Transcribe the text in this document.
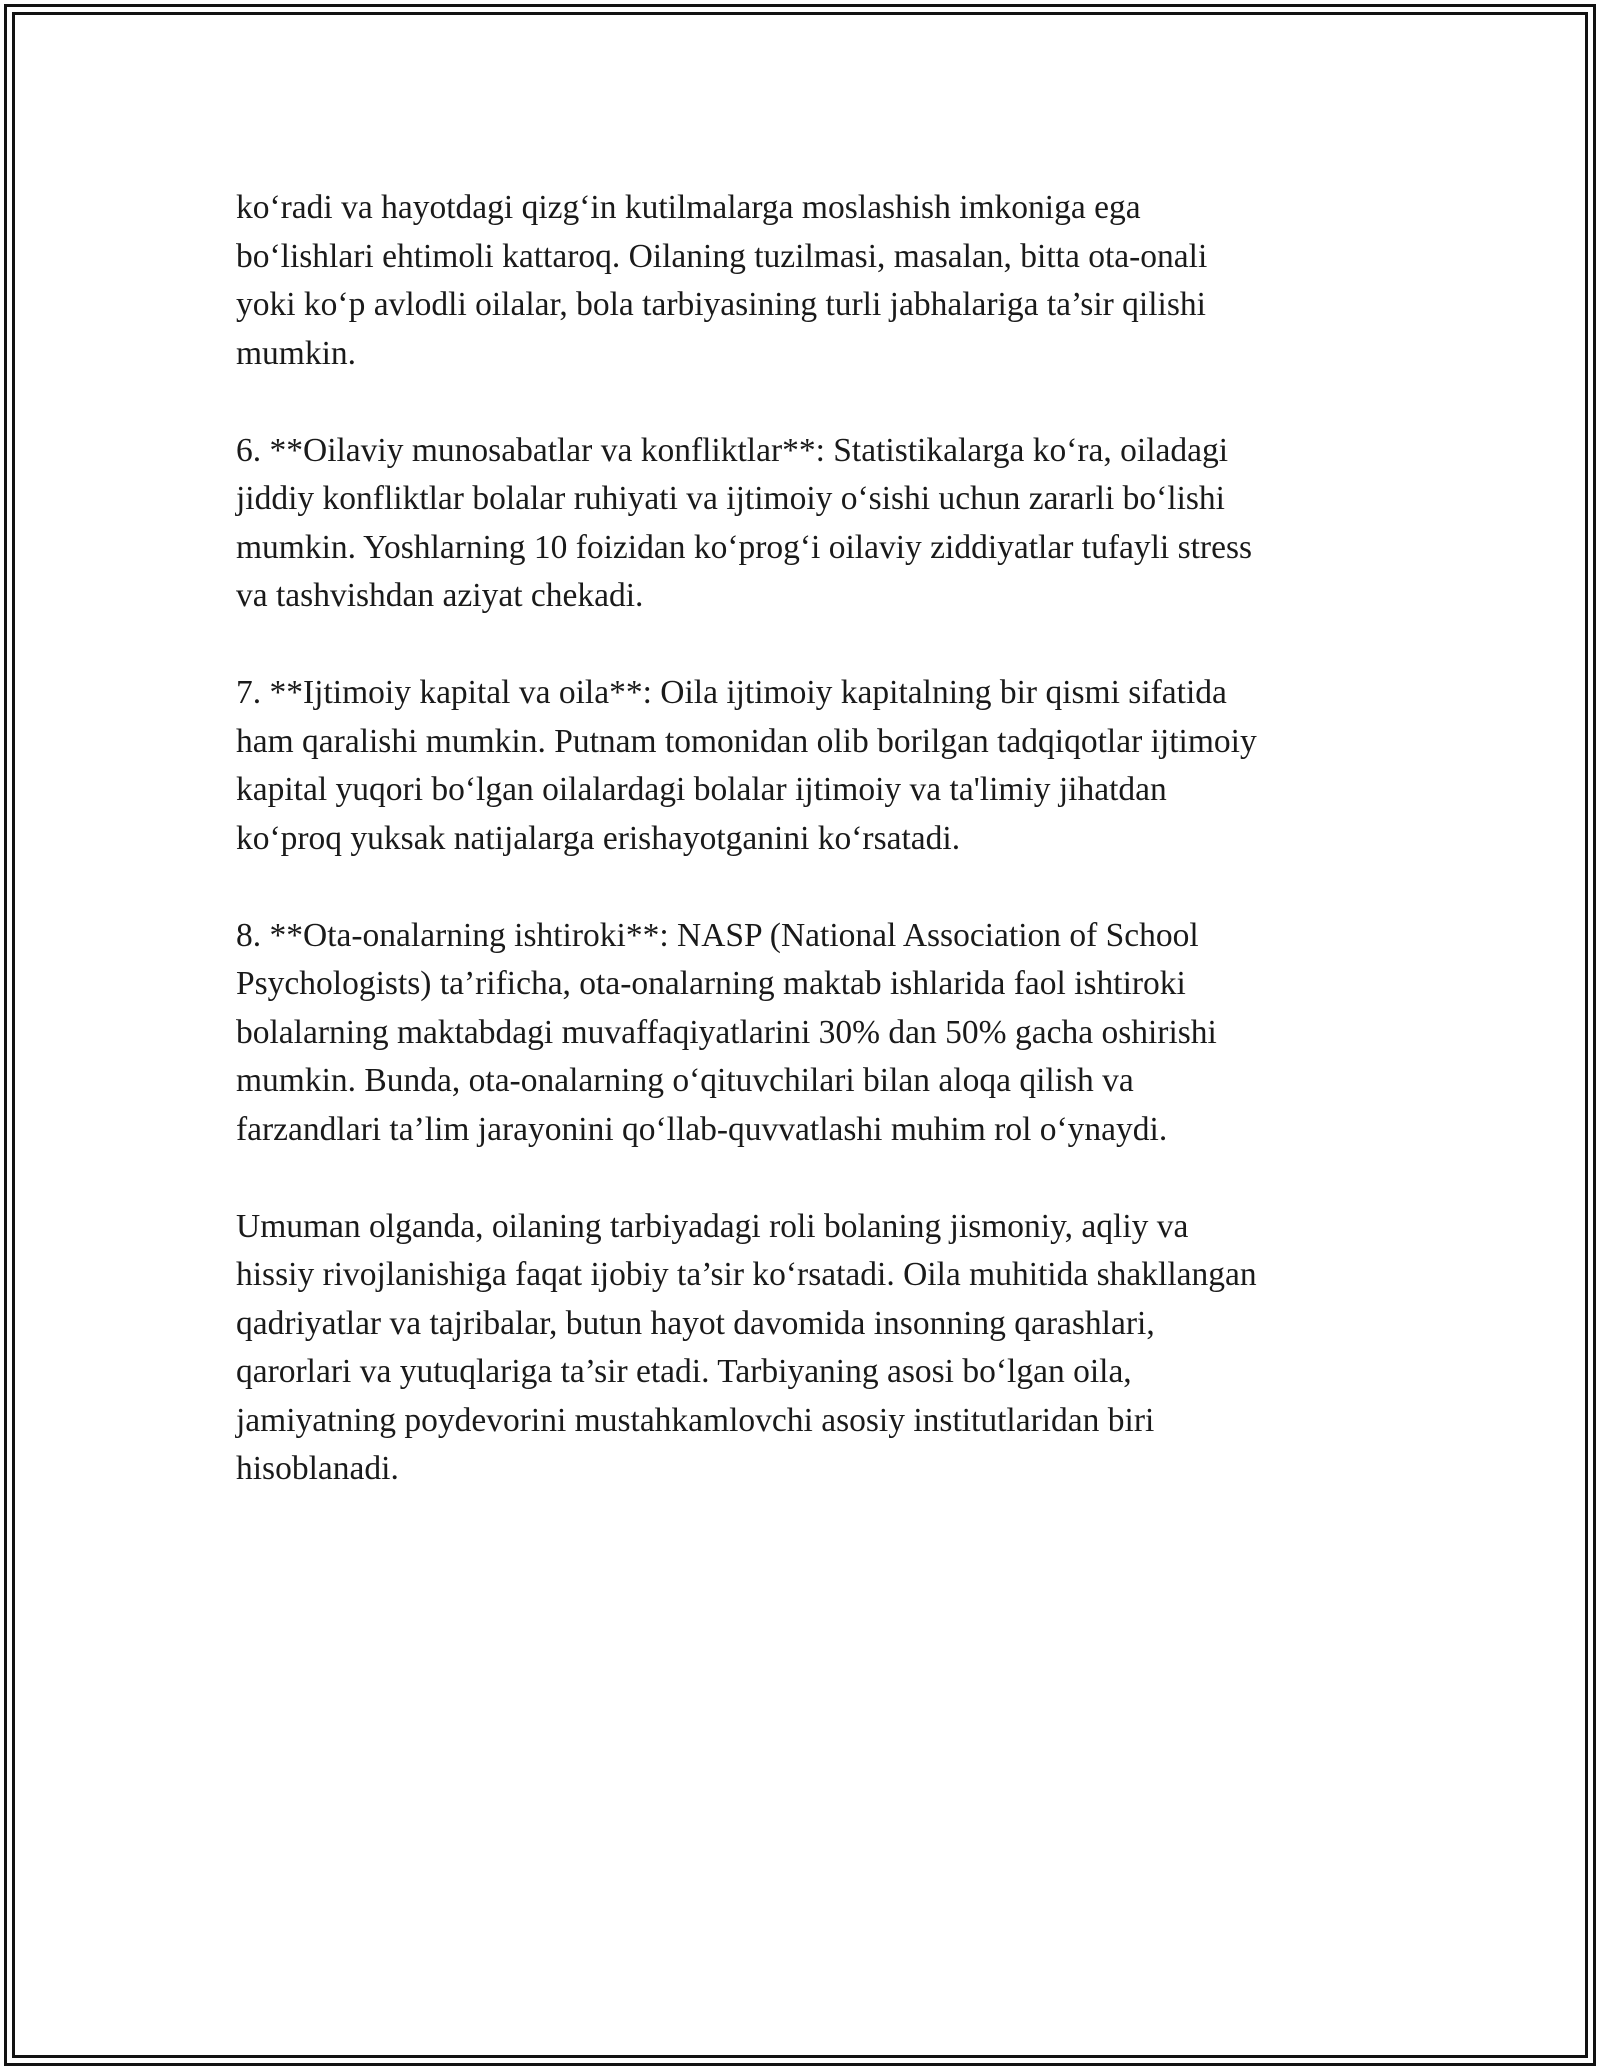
ko‘radi va hayotdagi qizg‘in kutilmalarga moslashish imkoniga ega
bo‘lishlari ehtimoli kattaroq. Oilaning tuzilmasi, masalan, bitta ota-onali
yoki ko‘p avlodli oilalar, bola tarbiyasining turli jabhalariga ta’sir qilishi
mumkin.

6. **Oilaviy munosabatlar va konfliktlar**: Statistikalarga ko‘ra, oiladagi
jiddiy konfliktlar bolalar ruhiyati va ijtimoiy o‘sishi uchun zararli bo‘lishi
mumkin. Yoshlarning 10 foizidan ko‘prog‘i oilaviy ziddiyatlar tufayli stress
va tashvishdan aziyat chekadi.

7. **Ijtimoiy kapital va oila**: Oila ijtimoiy kapitalning bir qismi sifatida
ham qaralishi mumkin. Putnam tomonidan olib borilgan tadqiqotlar ijtimoiy
kapital yuqori bo‘lgan oilalardagi bolalar ijtimoiy va ta'limiy jihatdan
ko‘proq yuksak natijalarga erishayotganini ko‘rsatadi.

8. **Ota-onalarning ishtiroki**: NASP (National Association of School
Psychologists) ta’rificha, ota-onalarning maktab ishlarida faol ishtiroki
bolalarning maktabdagi muvaffaqiyatlarini 30% dan 50% gacha oshirishi
mumkin. Bunda, ota-onalarning o‘qituvchilari bilan aloqa qilish va
farzandlari ta’lim jarayonini qo‘llab-quvvatlashi muhim rol o‘ynaydi.

Umuman olganda, oilaning tarbiyadagi roli bolaning jismoniy, aqliy va
hissiy rivojlanishiga faqat ijobiy ta’sir ko‘rsatadi. Oila muhitida shakllangan
qadriyatlar va tajribalar, butun hayot davomida insonning qarashlari,
qarorlari va yutuqlariga ta’sir etadi. Tarbiyaning asosi bo‘lgan oila,
jamiyatning poydevorini mustahkamlovchi asosiy institutlaridan biri
hisoblanadi.
